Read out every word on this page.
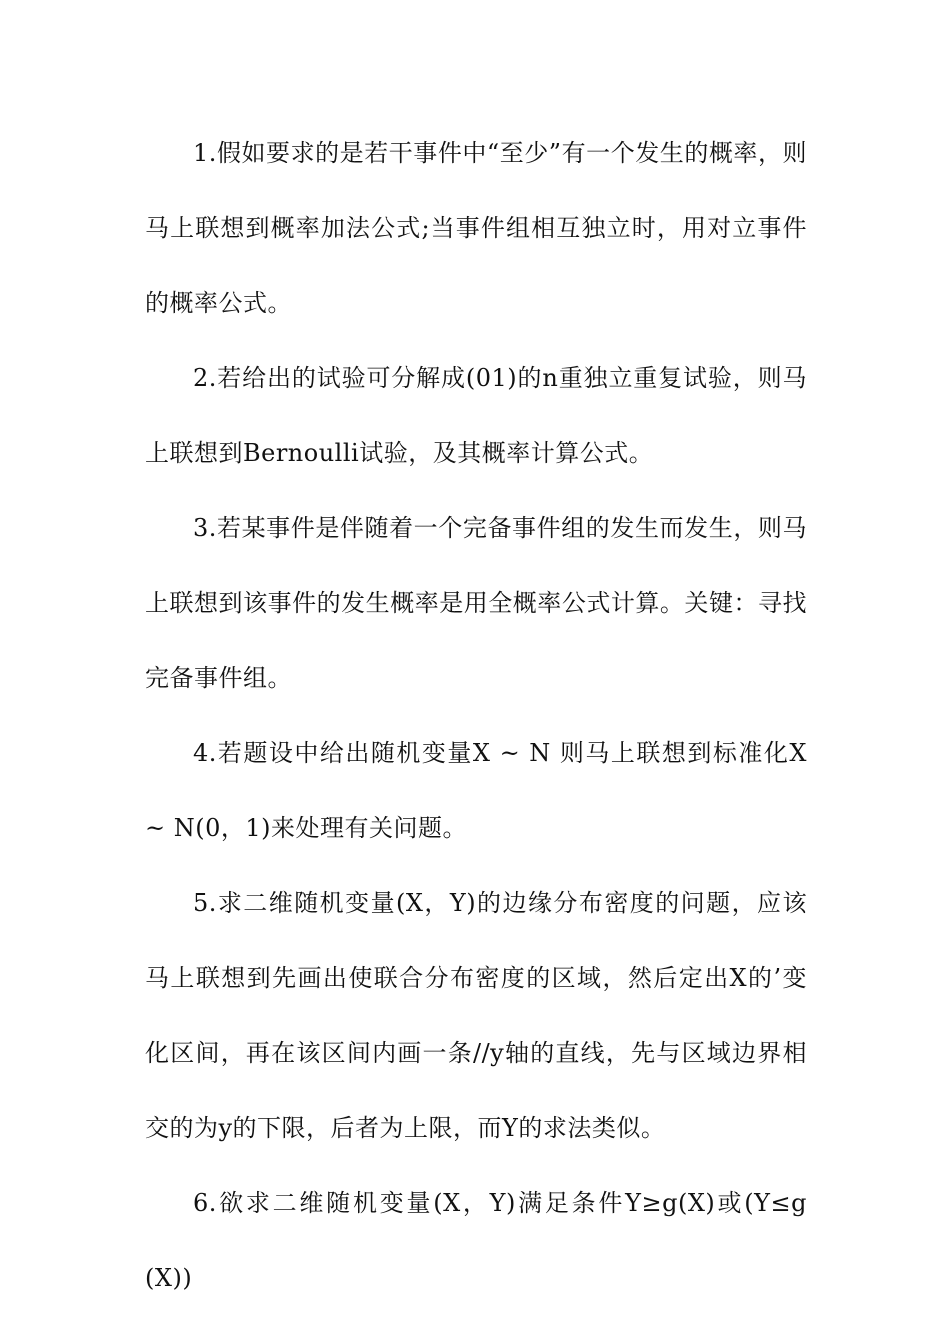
1.假如要求的是若干事件中“至少”有一个发生的概率，则马上联想到概率加法公式;当事件组相互独立时，用对立事件的概率公式。

2.若给出的试验可分解成(01)的n重独立重复试验，则马上联想到Bernoulli试验，及其概率计算公式。

3.若某事件是伴随着一个完备事件组的发生而发生，则马上联想到该事件的发生概率是用全概率公式计算。关键：寻找完备事件组。

4.若题设中给出随机变量X ~ N 则马上联想到标准化X ~ N(0，1)来处理有关问题。

5.求二维随机变量(X，Y)的边缘分布密度的问题，应该马上联想到先画出使联合分布密度的区域，然后定出X的’变化区间，再在该区间内画一条//y轴的直线，先与区域边界相交的为y的下限，后者为上限，而Y的求法类似。

6.欲求二维随机变量(X，Y)满足条件Y≥g(X)或(Y≤g(X))
